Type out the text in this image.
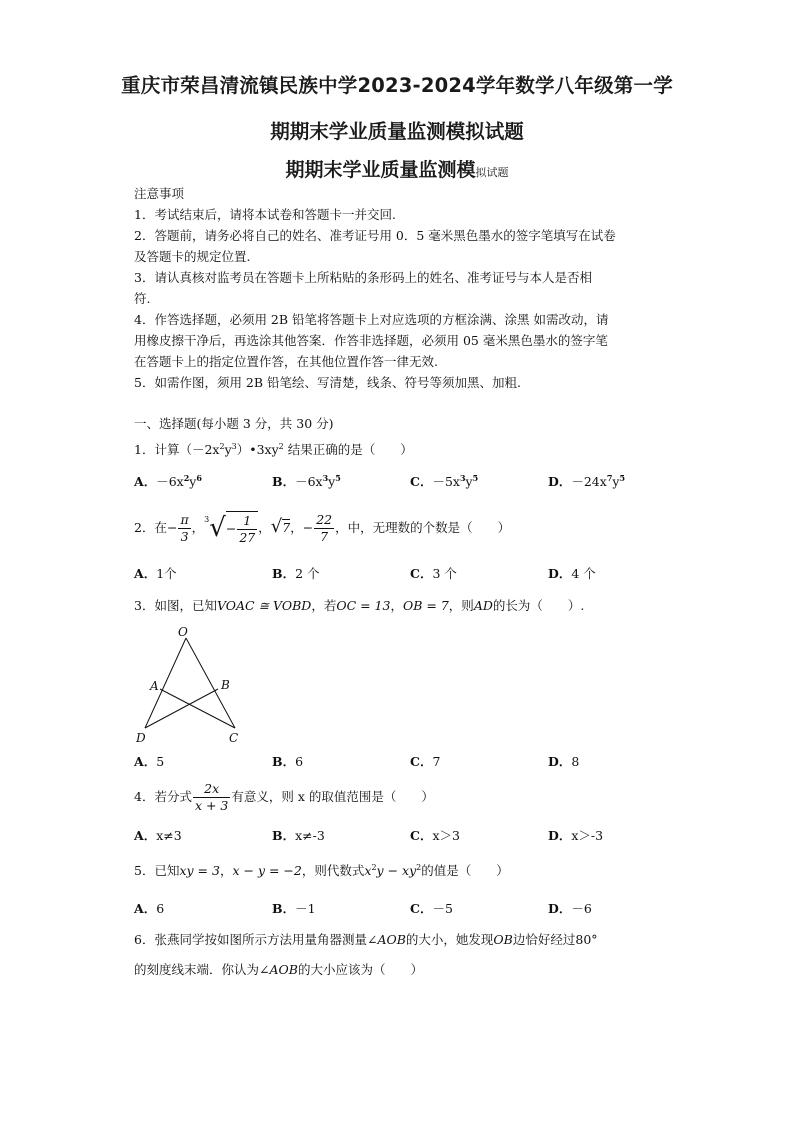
重庆市荣昌清流镇民族中学2023-2024学年数学八年级第一学
期期末学业质量监测模拟试题
期期末学业质量监测模拟试题
注意事项
1．考试结束后，请将本试卷和答题卡一并交回.
2．答题前，请务必将自己的姓名、准考证号用 0．5 毫米黑色墨水的签字笔填写在试卷
及答题卡的规定位置.
3．请认真核对监考员在答题卡上所粘贴的条形码上的姓名、准考证号与本人是否相
符.
4．作答选择题，必须用 2B 铅笔将答题卡上对应选项的方框涂满、涂黑 如需改动，请
用橡皮擦干净后，再选涂其他答案．作答非选择题，必须用 05 毫米黑色墨水的签字笔
在答题卡上的指定位置作答，在其他位置作答一律无效.
5．如需作图，须用 2B 铅笔绘、写清楚，线条、符号等须加黑、加粗.
一、选择题(每小题 3 分，共 30 分)
1．计算$(-2x^2y^3)•3xy^2$ 结果正确的是（　　）
A．$-6x^2y^6$	B．$-6x^3y^5$	C．$-5x^3y^5$	D．$-24x^7y^5$
2．在− $\frac{\pi}{3}$ ，$^3√- \frac{1}{27}$ ，√7，− $\frac{22}{7}$ ，中，无理数的个数是（　　）
A．1个	B．2 个	C．3 个	D．4 个
3．如图，已知VOAC ≅ VOBD，若OC = 13，OB = 7，则AD的长为（　　）.
O
A	B
D	C
A．5	B．6	C．7	D．8
4．若分式 $\frac{2x}{x + 3}$ 有意义，则 x 的取值范围是（　　）
A．x≠3	B．x≠-3	C．x＞3	D．x＞-3
5．已知xy = 3，x − y = −2，则代数式$x^2y - xy^2$的值是（　　）
A．6	B．－1	C．－5	D．－6
6．张燕同学按如图所示方法用量角器测量∠AOB的大小，她发现OB边恰好经过80°
的刻度线末端．你认为∠AOB的大小应该为（　　）
